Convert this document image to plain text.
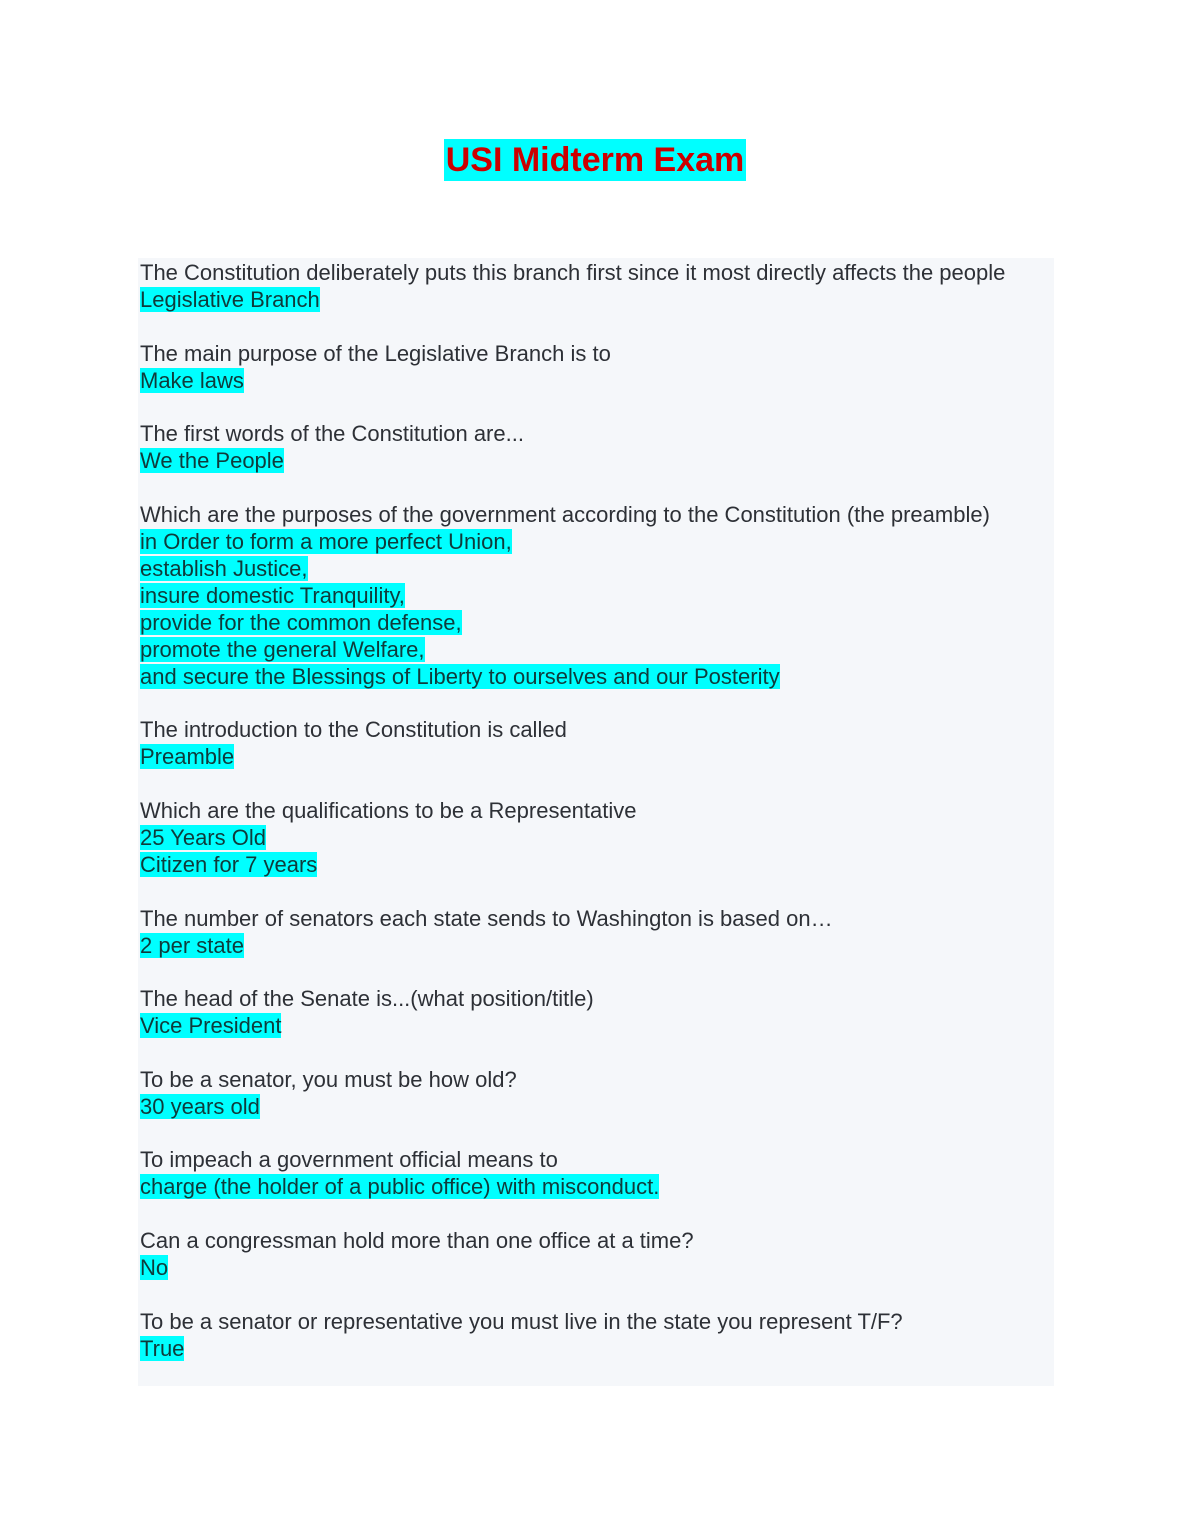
USI Midterm Exam
The Constitution deliberately puts this branch first since it most directly affects the people
Legislative Branch
The main purpose of the Legislative Branch is to
Make laws
The first words of the Constitution are...
We the People
Which are the purposes of the government according to the Constitution (the preamble)
in Order to form a more perfect Union,
establish Justice,
insure domestic Tranquility,
provide for the common defense,
promote the general Welfare,
and secure the Blessings of Liberty to ourselves and our Posterity
The introduction to the Constitution is called
Preamble
Which are the qualifications to be a Representative
25 Years Old
Citizen for 7 years
The number of senators each state sends to Washington is based on…
2 per state
The head of the Senate is...(what position/title)
Vice President
To be a senator, you must be how old?
30 years old
To impeach a government official means to
charge (the holder of a public office) with misconduct.
Can a congressman hold more than one office at a time?
No
To be a senator or representative you must live in the state you represent T/F?
True
